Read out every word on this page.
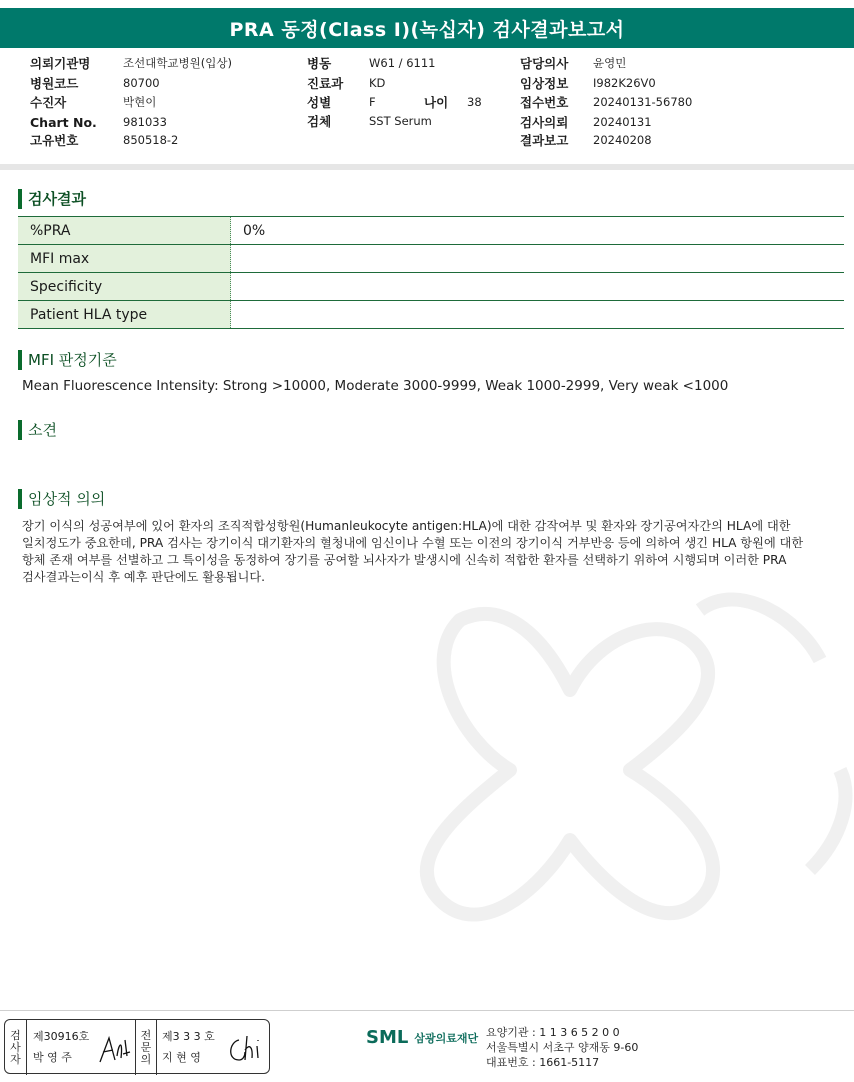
PRA 동정(Class I)(녹십자) 검사결과보고서
의뢰기관명	조선대학교병원(입상)
병원코드	80700
수진자	박현이
Chart No. 981033
고유번호	850518-2
병동	W61 / 6111
진료과 KD
성별	F	나이 38
검체	SST Serum
담당의사 윤영민
임상정보 I982K26V0
접수번호 20240131-56780
검사의뢰 20240131
결과보고 20240208
검사결과
%PRA	0%
MFI max
Specificity
Patient HLA type
MFI 판정기준
Mean Fluorescence Intensity: Strong >10000, Moderate 3000-9999, Weak 1000-2999, Very weak <1000
소견
임상적 의의
장기 이식의 성공여부에 있어 환자의 조직적합성항원(Humanleukocyte antigen:HLA)에 대한 감작여부 및 환자와 장기공여자간의 HLA에 대한
일치정도가 중요한데, PRA 검사는 장기이식 대기환자의 혈청내에 임신이나 수혈 또는 이전의 장기이식 거부반응 등에 의하여 생긴 HLA 항원에 대한
항체 존재 여부를 선별하고 그 특이성을 동정하여 장기를 공여할 뇌사자가 발생시에 신속히 적합한 환자를 선택하기 위하여 시행되며 이러한 PRA
검사결과는이식 후 예후 판단에도 활용됩니다.
검
사
자
제30916호
박 영 주
전
문
의
제3 3 3 호
지 현 영
SML 삼광의료재단 요양기관 : 1 1 3 6 5 2 0 0
서울특별시 서초구 양재동 9-60
대표번호 : 1661-5117
